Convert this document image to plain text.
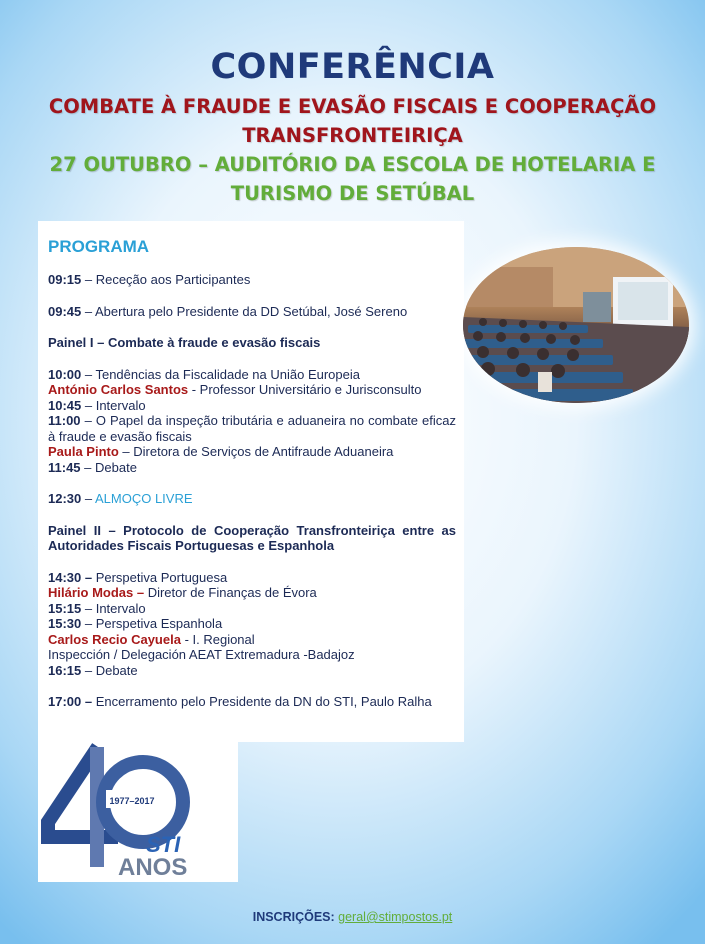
CONFERÊNCIA

COMBATE À FRAUDE E EVASÃO FISCAIS E COOPERAÇÃO

TRANSFRONTEIRIÇA

27 OUTUBRO – AUDITÓRIO DA ESCOLA DE HOTELARIA E

TURISMO DE SETÚBAL

PROGRAMA

09:15 – Receção aos Participantes

09:45 – Abertura pelo Presidente da DD Setúbal, José Sereno

Painel I – Combate à fraude e evasão fiscais

10:00 – Tendências da Fiscalidade na União Europeia

António Carlos Santos - Professor Universitário e Jurisconsulto

10:45 – Intervalo

11:00 – O Papel da inspeção tributária e aduaneira no combate eficaz à fraude e evasão fiscais

Paula Pinto – Diretora de Serviços de Antifraude Aduaneira

11:45 – Debate

12:30 – ALMOÇO LIVRE

Painel II – Protocolo de Cooperação Transfronteiriça entre as Autoridades Fiscais Portuguesas e Espanhola

14:30 – Perspetiva Portuguesa

Hilário Modas – Diretor de Finanças de Évora

15:15 – Intervalo

15:30 – Perspetiva Espanhola

Carlos Recio Cayuela - I. Regional

Inspección / Delegación AEAT Extremadura -Badajoz

16:15 – Debate

17:00 – Encerramento pelo Presidente da DN do STI, Paulo Ralha

1977–2017
STI
ANOS
INSCRIÇÕES: geral@stimpostos.pt
